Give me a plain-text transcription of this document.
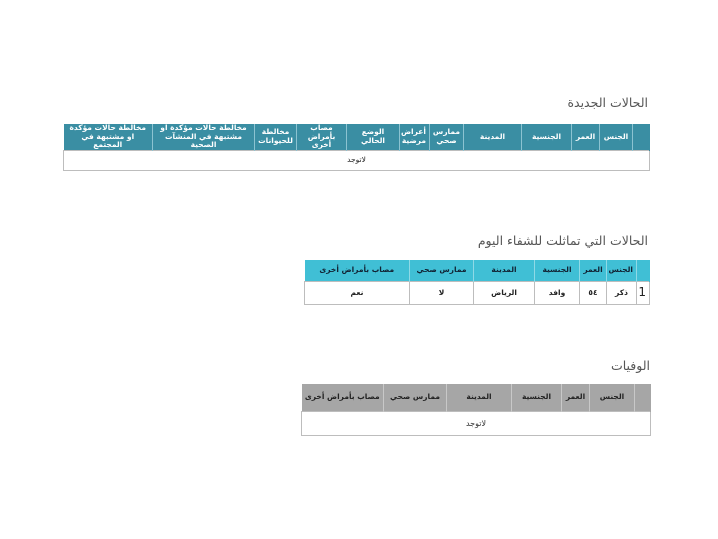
الحالات الجديدة
	الجنس	العمر	الجنسية	المدينة	ممارس صحي	أعراض مرضية	الوضع الحالي	مصاب بأمراض أخرى	مخالطة للحيوانات	مخالطة حالات مؤكدة او مشتبهة في المنشآت الصحية	مخالطة حالات مؤكدة او مشتبهة في المجتمع
لاتوجد
الحالات التي تماثلت للشفاء اليوم
	الجنس	العمر	الجنسية	المدينة	ممارس صحي	مصاب بأمراض أخرى
1	ذكر	٥٤	وافد	الرياض	لا	نعم
الوفيات
	الجنس	العمر	الجنسية	المدينة	ممارس صحي	مصاب بأمراض أخرى
لاتوجد
